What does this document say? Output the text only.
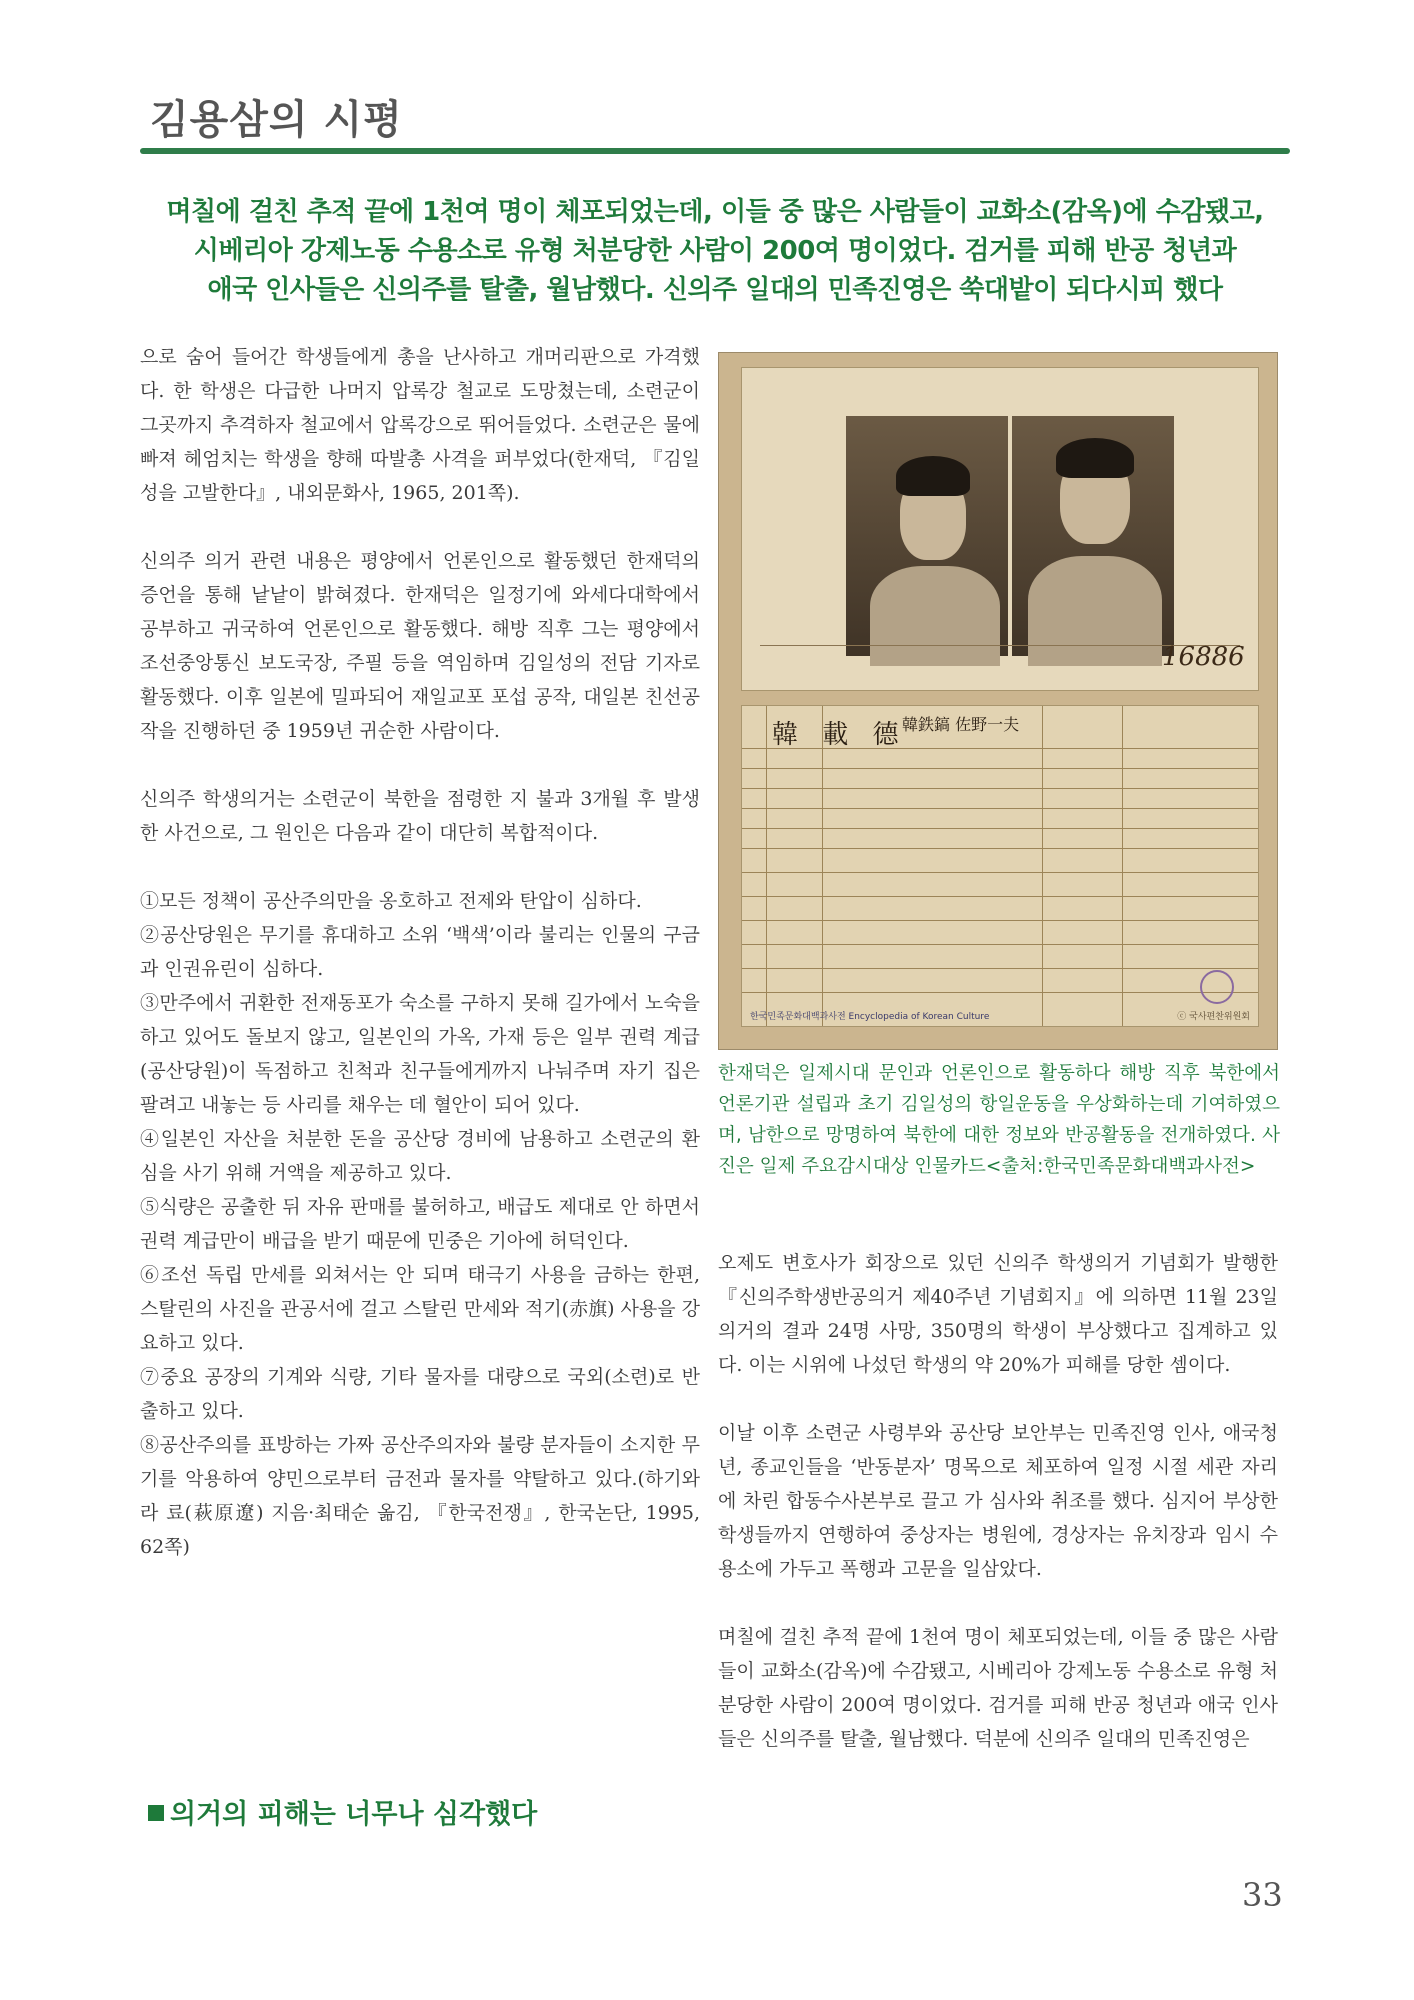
김용삼의 시평
며칠에 걸친 추적 끝에 1천여 명이 체포되었는데, 이들 중 많은 사람들이 교화소(감옥)에 수감됐고,
시베리아 강제노동 수용소로 유형 처분당한 사람이 200여 명이었다. 검거를 피해 반공 청년과
애국 인사들은 신의주를 탈출, 월남했다. 신의주 일대의 민족진영은 쑥대밭이 되다시피 했다

으로 숨어 들어간 학생들에게 총을 난사하고 개머리판으로 가격했다. 한 학생은 다급한 나머지 압록강 철교로 도망쳤는데, 소련군이 그곳까지 추격하자 철교에서 압록강으로 뛰어들었다. 소련군은 물에 빠져 헤엄치는 학생을 향해 따발총 사격을 퍼부었다(한재덕, 『김일성을 고발한다』, 내외문화사, 1965, 201쪽).

신의주 의거 관련 내용은 평양에서 언론인으로 활동했던 한재덕의 증언을 통해 낱낱이 밝혀졌다. 한재덕은 일정기에 와세다대학에서 공부하고 귀국하여 언론인으로 활동했다. 해방 직후 그는 평양에서 조선중앙통신 보도국장, 주필 등을 역임하며 김일성의 전담 기자로 활동했다. 이후 일본에 밀파되어 재일교포 포섭 공작, 대일본 친선공작을 진행하던 중 1959년 귀순한 사람이다.

신의주 학생의거는 소련군이 북한을 점령한 지 불과 3개월 후 발생한 사건으로, 그 원인은 다음과 같이 대단히 복합적이다.

①모든 정책이 공산주의만을 옹호하고 전제와 탄압이 심하다.

②공산당원은 무기를 휴대하고 소위 ‘백색’이라 불리는 인물의 구금과 인권유린이 심하다.

③만주에서 귀환한 전재동포가 숙소를 구하지 못해 길가에서 노숙을 하고 있어도 돌보지 않고, 일본인의 가옥, 가재 등은 일부 권력 계급(공산당원)이 독점하고 친척과 친구들에게까지 나눠주며 자기 집은 팔려고 내놓는 등 사리를 채우는 데 혈안이 되어 있다.

④일본인 자산을 처분한 돈을 공산당 경비에 남용하고 소련군의 환심을 사기 위해 거액을 제공하고 있다.

⑤식량은 공출한 뒤 자유 판매를 불허하고, 배급도 제대로 안 하면서 권력 계급만이 배급을 받기 때문에 민중은 기아에 허덕인다.

⑥조선 독립 만세를 외쳐서는 안 되며 태극기 사용을 금하는 한편, 스탈린의 사진을 관공서에 걸고 스탈린 만세와 적기(赤旗) 사용을 강요하고 있다.

⑦중요 공장의 기계와 식량, 기타 물자를 대량으로 국외(소련)로 반출하고 있다.

⑧공산주의를 표방하는 가짜 공산주의자와 불량 분자들이 소지한 무기를 악용하여 양민으로부터 금전과 물자를 약탈하고 있다.(하기와라 료(萩原遼) 지음·최태순 옮김, 『한국전쟁』, 한국논단, 1995, 62쪽)

의거의 피해는 너무나 심각했다
16886
韓 載 德
韓鉄鎬 佐野一夫
한국민족문화대백과사전 Encyclopedia of Korean Culture	ⓒ 국사편찬위원회
한재덕은 일제시대 문인과 언론인으로 활동하다 해방 직후 북한에서 언론기관 설립과 초기 김일성의 항일운동을 우상화하는데 기여하였으며, 남한으로 망명하여 북한에 대한 정보와 반공활동을 전개하였다. 사진은 일제 주요감시대상 인물카드<출처:한국민족문화대백과사전>

오제도 변호사가 회장으로 있던 신의주 학생의거 기념회가 발행한 『신의주학생반공의거 제40주년 기념회지』에 의하면 11월 23일 의거의 결과 24명 사망, 350명의 학생이 부상했다고 집계하고 있다. 이는 시위에 나섰던 학생의 약 20%가 피해를 당한 셈이다.

이날 이후 소련군 사령부와 공산당 보안부는 민족진영 인사, 애국청년, 종교인들을 ‘반동분자’ 명목으로 체포하여 일정 시절 세관 자리에 차린 합동수사본부로 끌고 가 심사와 취조를 했다. 심지어 부상한 학생들까지 연행하여 중상자는 병원에, 경상자는 유치장과 임시 수용소에 가두고 폭행과 고문을 일삼았다.

며칠에 걸친 추적 끝에 1천여 명이 체포되었는데, 이들 중 많은 사람들이 교화소(감옥)에 수감됐고, 시베리아 강제노동 수용소로 유형 처분당한 사람이 200여 명이었다. 검거를 피해 반공 청년과 애국 인사들은 신의주를 탈출, 월남했다. 덕분에 신의주 일대의 민족진영은

33
